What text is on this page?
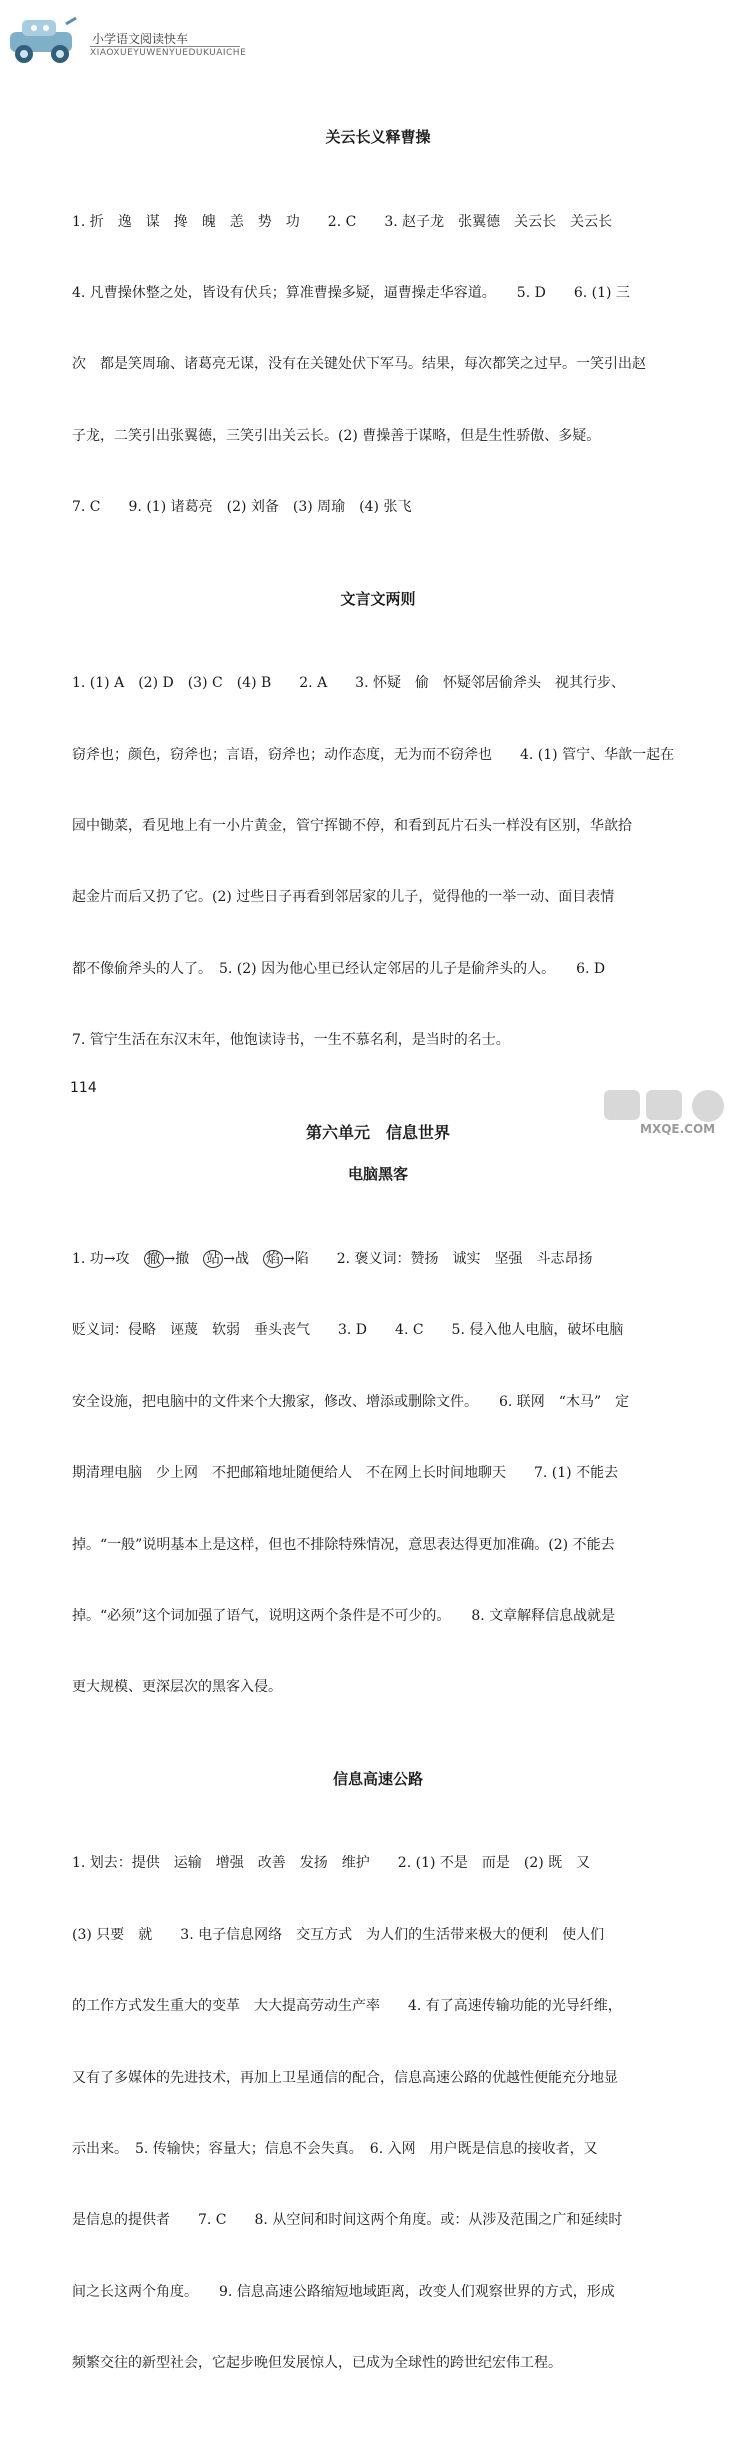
小学语文阅读快车
XIAOXUEYUWENYUEDUKUAICHE
关云长义释曹操

1. 折　逸　谋　搀　魄　恙　势　功　　2. C　　3. 赵子龙　张翼德　关云长　关云长

4. 凡曹操休整之处，皆设有伏兵；算准曹操多疑，逼曹操走华容道。　　5. D　　6. (1) 三

次　都是笑周瑜、诸葛亮无谋，没有在关键处伏下军马。结果，每次都笑之过早。一笑引出赵

子龙，二笑引出张翼德，三笑引出关云长。(2) 曹操善于谋略，但是生性骄傲、多疑。

7. C　　9. (1) 诸葛亮　(2) 刘备　(3) 周瑜　(4) 张飞

文言文两则

1. (1) A　(2) D　(3) C　(4) B　　2. A　　3. 怀疑　偷　怀疑邻居偷斧头　视其行步、

窃斧也；颜色，窃斧也；言语，窃斧也；动作态度，无为而不窃斧也　　4. (1) 管宁、华歆一起在

园中锄菜，看见地上有一小片黄金，管宁挥锄不停，和看到瓦片石头一样没有区别，华歆拾

起金片而后又扔了它。(2) 过些日子再看到邻居家的儿子，觉得他的一举一动、面目表情

都不像偷斧头的人了。　5. (2) 因为他心里已经认定邻居的儿子是偷斧头的人。　　6. D

7. 管宁生活在东汉末年，他饱读诗书，一生不慕名利，是当时的名士。

第六单元　信息世界
电脑黑客

1. 功→攻　撤 →撤　站 →战　焰 →陷　　2. 褒义词：赞扬　诚实　坚强　斗志昂扬

贬义词：侵略　诬蔑　软弱　垂头丧气　　3. D　　4. C　　5. 侵入他人电脑，破坏电脑

安全设施，把电脑中的文件来个大搬家，修改、增添或删除文件。　　6. 联网　“木马”　定

期清理电脑　少上网　不把邮箱地址随便给人　不在网上长时间地聊天　　7. (1) 不能去

掉。“一般”说明基本上是这样，但也不排除特殊情况，意思表达得更加准确。(2) 不能去

掉。“必须”这个词加强了语气，说明这两个条件是不可少的。　　8. 文章解释信息战就是

更大规模、更深层次的黑客入侵。

信息高速公路

1. 划去：提供　运输　增强　改善　发扬　维护　　2. (1) 不是　而是　(2) 既　又

(3) 只要　就　　3. 电子信息网络　交互方式　为人们的生活带来极大的便利　使人们

的工作方式发生重大的变革　大大提高劳动生产率　　4. 有了高速传输功能的光导纤维，

又有了多媒体的先进技术，再加上卫星通信的配合，信息高速公路的优越性便能充分地显

示出来。　5. 传输快；容量大；信息不会失真。　6. 入网　用户既是信息的接收者，又

是信息的提供者　　7. C　　8. 从空间和时间这两个角度。或：从涉及范围之广和延续时

间之长这两个角度。　　9. 信息高速公路缩短地域距离，改变人们观察世界的方式，形成

频繁交往的新型社会，它起步晚但发展惊人，已成为全球性的跨世纪宏伟工程。

114
MXQE.COM
